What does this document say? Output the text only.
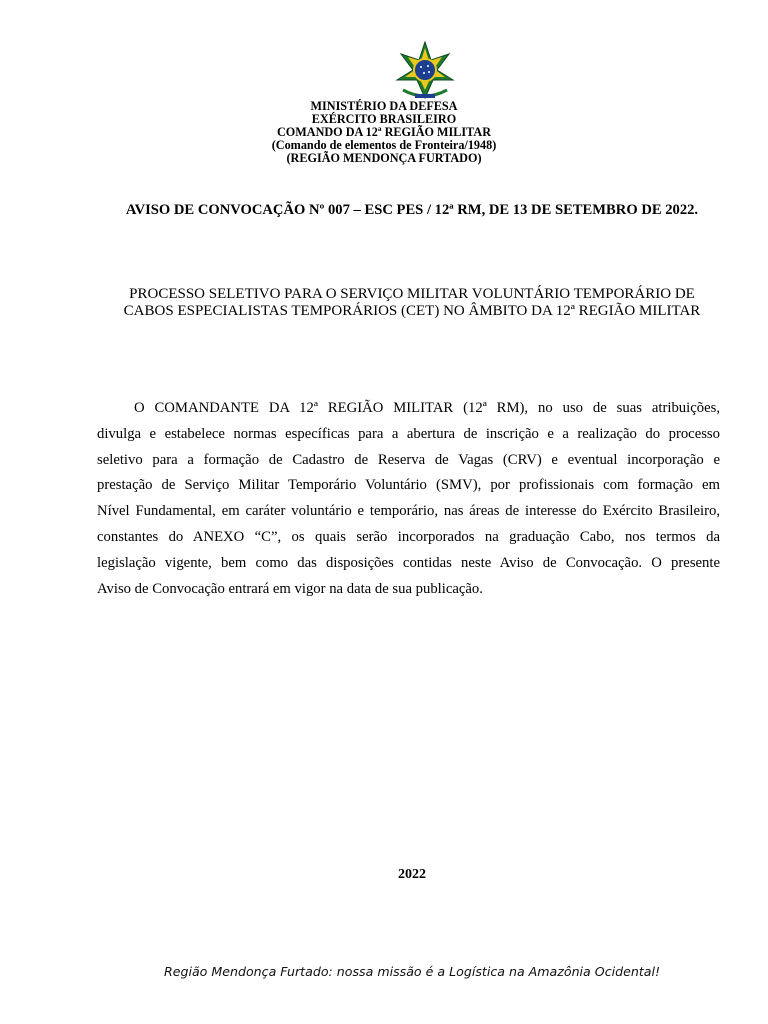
MINISTÉRIO DA DEFESA
EXÉRCITO BRASILEIRO
COMANDO DA 12ª REGIÃO MILITAR
(Comando de elementos de Fronteira/1948)
(REGIÃO MENDONÇA FURTADO)
AVISO DE CONVOCAÇÃO Nº 007 – ESC PES / 12ª RM, DE 13 DE SETEMBRO DE 2022.
PROCESSO SELETIVO PARA O SERVIÇO MILITAR VOLUNTÁRIO TEMPORÁRIO DE
CABOS ESPECIALISTAS TEMPORÁRIOS (CET) NO ÂMBITO DA 12ª REGIÃO MILITAR
O COMANDANTE DA 12ª REGIÃO MILITAR (12ª RM), no uso de suas atribuições,
divulga e estabelece normas específicas para a abertura de inscrição e a realização do processo
seletivo para a formação de Cadastro de Reserva de Vagas (CRV) e eventual incorporação e
prestação de Serviço Militar Temporário Voluntário (SMV), por profissionais com formação em
Nível Fundamental, em caráter voluntário e temporário, nas áreas de interesse do Exército Brasileiro,
constantes do ANEXO “C”, os quais serão incorporados na graduação Cabo, nos termos da
legislação vigente, bem como das disposições contidas neste Aviso de Convocação. O presente
Aviso de Convocação entrará em vigor na data de sua publicação.
2022
Região Mendonça Furtado: nossa missão é a Logística na Amazônia Ocidental!
